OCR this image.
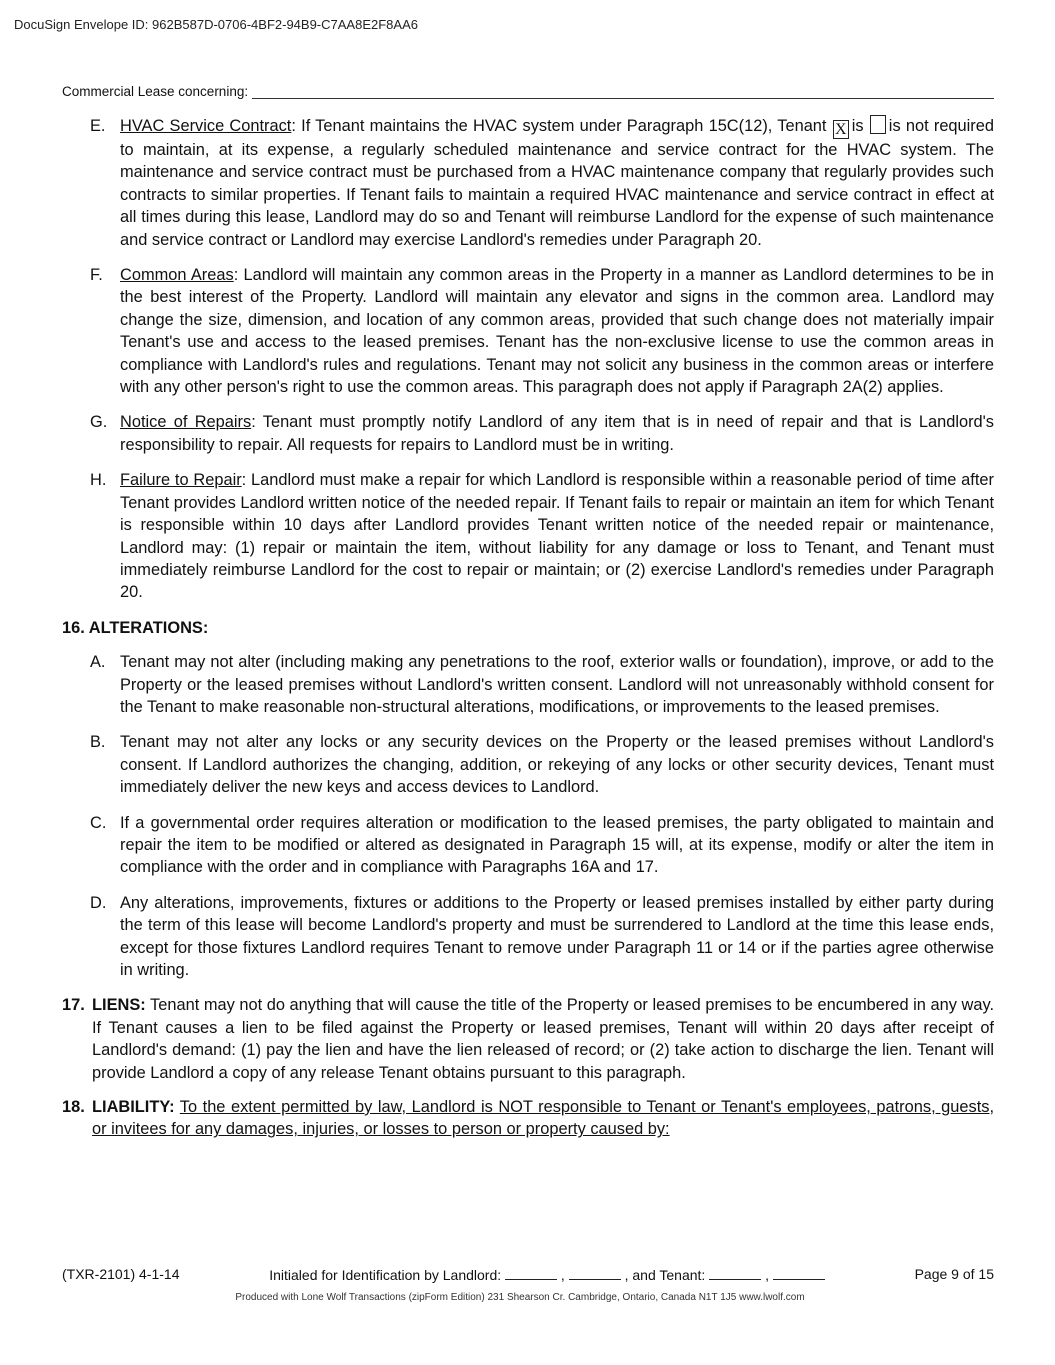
DocuSign Envelope ID: 962B587D-0706-4BF2-94B9-C7AA8E2F8AA6
Commercial Lease concerning:
E. HVAC Service Contract: If Tenant maintains the HVAC system under Paragraph 15C(12), Tenant X is is not required to maintain, at its expense, a regularly scheduled maintenance and service contract for the HVAC system. The maintenance and service contract must be purchased from a HVAC maintenance company that regularly provides such contracts to similar properties. If Tenant fails to maintain a required HVAC maintenance and service contract in effect at all times during this lease, Landlord may do so and Tenant will reimburse Landlord for the expense of such maintenance and service contract or Landlord may exercise Landlord's remedies under Paragraph 20.
F.	Common Areas: Landlord will maintain any common areas in the Property in a manner as Landlord determines to be in the best interest of the Property. Landlord will maintain any elevator and signs in the common area. Landlord may change the size, dimension, and location of any common areas, provided that such change does not materially impair Tenant's use and access to the leased premises. Tenant has the non-exclusive license to use the common areas in compliance with Landlord's rules and regulations. Tenant may not solicit any business in the common areas or interfere with any other person's right to use the common areas. This paragraph does not apply if Paragraph 2A(2) applies.
G. Notice of Repairs: Tenant must promptly notify Landlord of any item that is in need of repair and that is Landlord's responsibility to repair. All requests for repairs to Landlord must be in writing.
H. Failure to Repair: Landlord must make a repair for which Landlord is responsible within a reasonable period of time after Tenant provides Landlord written notice of the needed repair. If Tenant fails to repair or maintain an item for which Tenant is responsible within 10 days after Landlord provides Tenant written notice of the needed repair or maintenance, Landlord may: (1) repair or maintain the item, without liability for any damage or loss to Tenant, and Tenant must immediately reimburse Landlord for the cost to repair or maintain; or (2) exercise Landlord's remedies under Paragraph 20.
16. ALTERATIONS:
A. Tenant may not alter (including making any penetrations to the roof, exterior walls or foundation), improve, or add to the Property or the leased premises without Landlord's written consent. Landlord will not unreasonably withhold consent for the Tenant to make reasonable non-structural alterations, modifications, or improvements to the leased premises.
B. Tenant may not alter any locks or any security devices on the Property or the leased premises without Landlord's consent. If Landlord authorizes the changing, addition, or rekeying of any locks or other security devices, Tenant must immediately deliver the new keys and access devices to Landlord.
C. If a governmental order requires alteration or modification to the leased premises, the party obligated to maintain and repair the item to be modified or altered as designated in Paragraph 15 will, at its expense, modify or alter the item in compliance with the order and in compliance with Paragraphs 16A and 17.
D. Any alterations, improvements, fixtures or additions to the Property or leased premises installed by either party during the term of this lease will become Landlord's property and must be surrendered to Landlord at the time this lease ends, except for those fixtures Landlord requires Tenant to remove under Paragraph 11 or 14 or if the parties agree otherwise in writing.
17. LIENS: Tenant may not do anything that will cause the title of the Property or leased premises to be encumbered in any way. If Tenant causes a lien to be filed against the Property or leased premises, Tenant will within 20 days after receipt of Landlord's demand: (1) pay the lien and have the lien released of record; or (2) take action to discharge the lien. Tenant will provide Landlord a copy of any release Tenant obtains pursuant to this paragraph.
18. LIABILITY: To the extent permitted by law, Landlord is NOT responsible to Tenant or Tenant's employees, patrons, guests, or invitees for any damages, injuries, or losses to person or property caused by:
(TXR-2101) 4-1-14	Initialed for Identification by Landlord:	,	, and Tenant:	,	Page 9 of 15
Produced with Lone Wolf Transactions (zipForm Edition) 231 Shearson Cr. Cambridge, Ontario, Canada N1T 1J5 www.lwolf.com
